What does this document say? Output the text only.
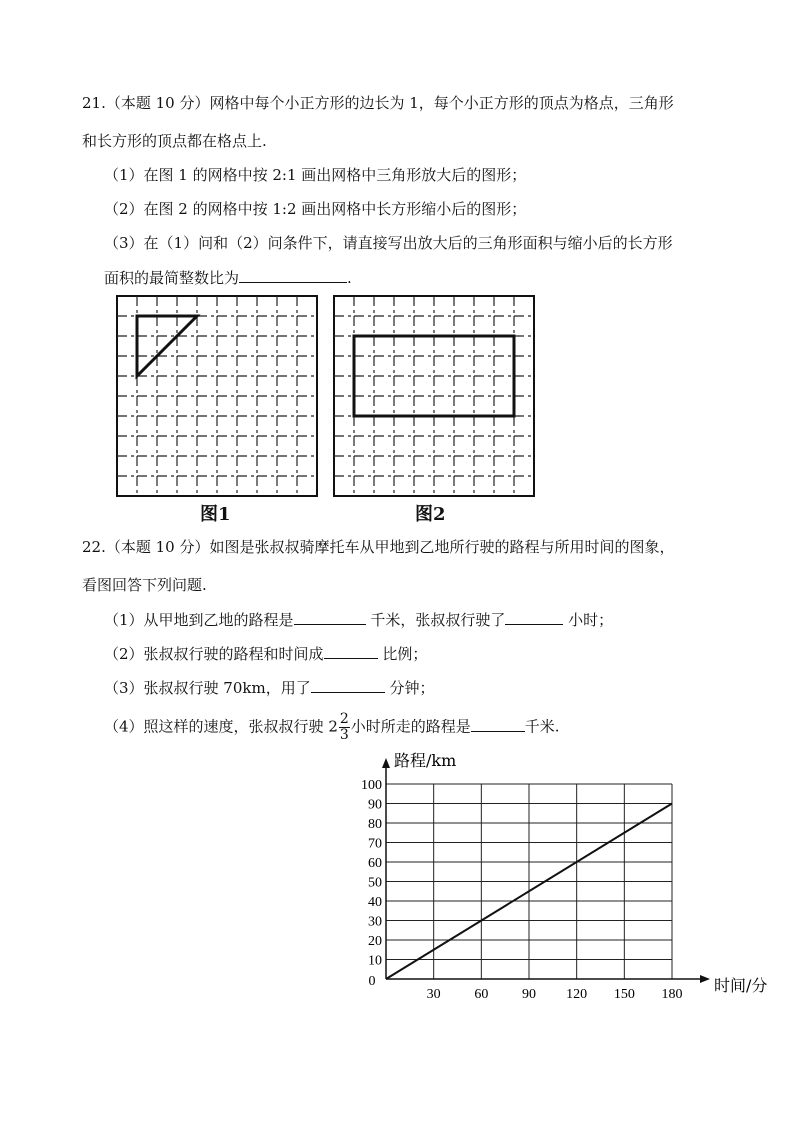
21.（本题 10 分）网格中每个小正方形的边长为 1，每个小正方形的顶点为格点，三角形
和长方形的顶点都在格点上.
（1）在图 1 的网格中按 2:1 画出网格中三角形放大后的图形；
（2）在图 2 的网格中按 1:2 画出网格中长方形缩小后的图形；
（3）在（1）问和（2）问条件下，请直接写出放大后的三角形面积与缩小后的长方形
面积的最简整数比为	.
图1	图2
22.（本题 10 分）如图是张叔叔骑摩托车从甲地到乙地所行驶的路程与所用时间的图象，
看图回答下列问题.
（1）从甲地到乙地的路程是	千米，张叔叔行驶了	小时；
（2）张叔叔行驶的路程和时间成	比例；
（3）张叔叔行驶 70km，用了	分钟；
（4）照这样的速度，张叔叔行驶 $2 \frac{2}{3}$ 小时所走的路程是	千米.
30 60 90 120 150 180
10
20
30
40
50
60
70
80
90
100
0
路程/km
时间/分
